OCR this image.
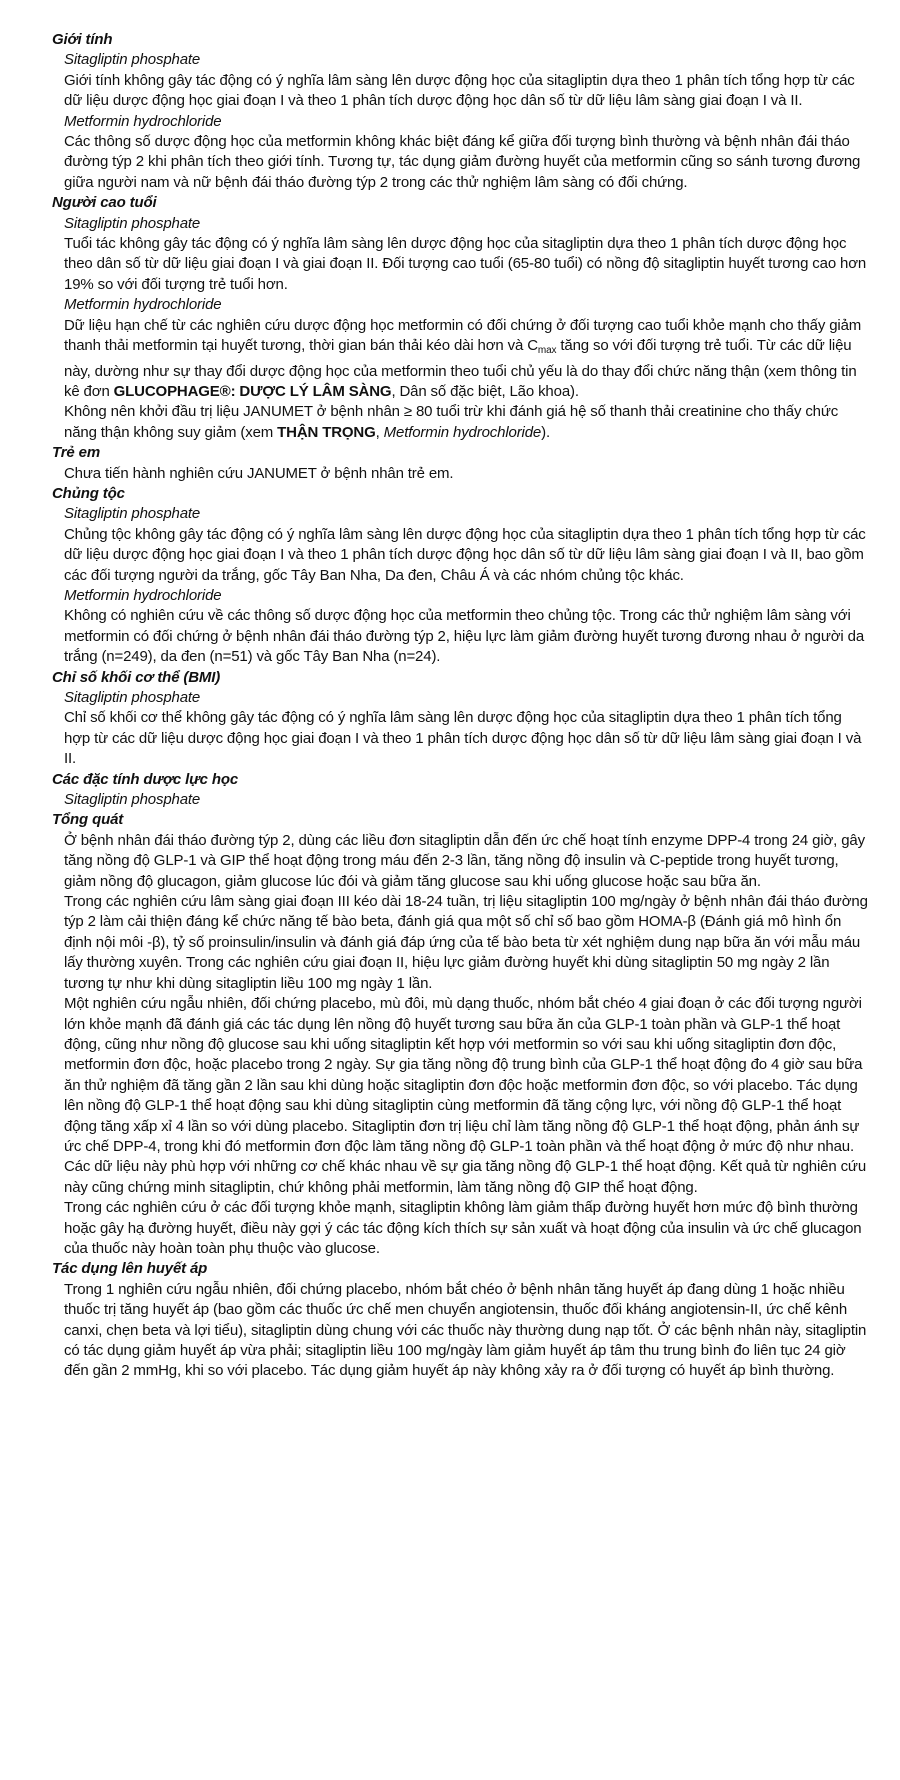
Giới tính
Sitagliptin phosphate

Giới tính không gây tác động có ý nghĩa lâm sàng lên dược động học của sitagliptin dựa theo 1 phân tích tổng hợp từ các dữ liệu dược động học giai đoạn I và theo 1 phân tích dược động học dân số từ dữ liệu lâm sàng giai đoạn I và II.

Metformin hydrochloride

Các thông số dược động học của metformin không khác biệt đáng kể giữa đối tượng bình thường và bệnh nhân đái tháo đường týp 2 khi phân tích theo giới tính. Tương tự, tác dụng giảm đường huyết của metformin cũng so sánh tương đương giữa người nam và nữ bệnh đái tháo đường týp 2 trong các thử nghiệm lâm sàng có đối chứng.

Người cao tuổi
Sitagliptin phosphate

Tuổi tác không gây tác động có ý nghĩa lâm sàng lên dược động học của sitagliptin dựa theo 1 phân tích dược động học theo dân số từ dữ liệu giai đoạn I và giai đoạn II. Đối tượng cao tuổi (65-80 tuổi) có nồng độ sitagliptin huyết tương cao hơn 19% so với đối tượng trẻ tuổi hơn.

Metformin hydrochloride

Dữ liệu hạn chế từ các nghiên cứu dược động học metformin có đối chứng ở đối tượng cao tuổi khỏe mạnh cho thấy giảm thanh thải metformin tại huyết tương, thời gian bán thải kéo dài hơn và $C_{max}$ tăng so với đối tượng trẻ tuổi. Từ các dữ liệu này, dường như sự thay đổi dược động học của metformin theo tuổi chủ yếu là do thay đổi chức năng thận (xem thông tin kê đơn GLUCOPHAGE®: DƯỢC LÝ LÂM SÀNG, Dân số đặc biệt, Lão khoa).

Không nên khởi đầu trị liệu JANUMET ở bệnh nhân ≥ 80 tuổi trừ khi đánh giá hệ số thanh thải creatinine cho thấy chức năng thận không suy giảm (xem THẬN TRỌNG, Metformin hydrochloride).

Trẻ em

Chưa tiến hành nghiên cứu JANUMET ở bệnh nhân trẻ em.

Chủng tộc
Sitagliptin phosphate

Chủng tộc không gây tác động có ý nghĩa lâm sàng lên dược động học của sitagliptin dựa theo 1 phân tích tổng hợp từ các dữ liệu dược động học giai đoạn I và theo 1 phân tích dược động học dân số từ dữ liệu lâm sàng giai đoạn I và II, bao gồm các đối tượng người da trắng, gốc Tây Ban Nha, Da đen, Châu Á và các nhóm chủng tộc khác.

Metformin hydrochloride

Không có nghiên cứu về các thông số dược động học của metformin theo chủng tộc. Trong các thử nghiệm lâm sàng với metformin có đối chứng ở bệnh nhân đái tháo đường týp 2, hiệu lực làm giảm đường huyết tương đương nhau ở người da trắng (n=249), da đen (n=51) và gốc Tây Ban Nha (n=24).

Chỉ số khối cơ thể (BMI)
Sitagliptin phosphate

Chỉ số khối cơ thể không gây tác động có ý nghĩa lâm sàng lên dược động học của sitagliptin dựa theo 1 phân tích tổng hợp từ các dữ liệu dược động học giai đoạn I và theo 1 phân tích dược động học dân số từ dữ liệu lâm sàng giai đoạn I và II.

Các đặc tính dược lực học
Sitagliptin phosphate
Tổng quát

Ở bệnh nhân đái tháo đường týp 2, dùng các liều đơn sitagliptin dẫn đến ức chế hoạt tính enzyme DPP-4 trong 24 giờ, gây tăng nồng độ GLP-1 và GIP thể hoạt động trong máu đến 2-3 lần, tăng nồng độ insulin và C-peptide trong huyết tương, giảm nồng độ glucagon, giảm glucose lúc đói và giảm tăng glucose sau khi uống glucose hoặc sau bữa ăn.

Trong các nghiên cứu lâm sàng giai đoạn III kéo dài 18-24 tuần, trị liệu sitagliptin 100 mg/ngày ở bệnh nhân đái tháo đường týp 2 làm cải thiện đáng kể chức năng tế bào beta, đánh giá qua một số chỉ số bao gồm HOMA-β (Đánh giá mô hình ổn định nội môi -β), tỷ số proinsulin/insulin và đánh giá đáp ứng của tế bào beta từ xét nghiệm dung nạp bữa ăn với mẫu máu lấy thường xuyên. Trong các nghiên cứu giai đoạn II, hiệu lực giảm đường huyết khi dùng sitagliptin 50 mg ngày 2 lần tương tự như khi dùng sitagliptin liều 100 mg ngày 1 lần.

Một nghiên cứu ngẫu nhiên, đối chứng placebo, mù đôi, mù dạng thuốc, nhóm bắt chéo 4 giai đoạn ở các đối tượng người lớn khỏe mạnh đã đánh giá các tác dụng lên nồng độ huyết tương sau bữa ăn của GLP-1 toàn phần và GLP-1 thể hoạt động, cũng như nồng độ glucose sau khi uống sitagliptin kết hợp với metformin so với sau khi uống sitagliptin đơn độc, metformin đơn độc, hoặc placebo trong 2 ngày. Sự gia tăng nồng độ trung bình của GLP-1 thể hoạt động đo 4 giờ sau bữa ăn thử nghiệm đã tăng gần 2 lần sau khi dùng hoặc sitagliptin đơn độc hoặc metformin đơn độc, so với placebo. Tác dụng lên nồng độ GLP-1 thể hoạt động sau khi dùng sitagliptin cùng metformin đã tăng cộng lực, với nồng độ GLP-1 thể hoạt động tăng xấp xỉ 4 lần so với dùng placebo. Sitagliptin đơn trị liệu chỉ làm tăng nồng độ GLP-1 thể hoạt động, phản ánh sự ức chế DPP-4, trong khi đó metformin đơn độc làm tăng nồng độ GLP-1 toàn phần và thể hoạt động ở mức độ như nhau. Các dữ liệu này phù hợp với những cơ chế khác nhau về sự gia tăng nồng độ GLP-1 thể hoạt động. Kết quả từ nghiên cứu này cũng chứng minh sitagliptin, chứ không phải metformin, làm tăng nồng độ GIP thể hoạt động.

Trong các nghiên cứu ở các đối tượng khỏe mạnh, sitagliptin không làm giảm thấp đường huyết hơn mức độ bình thường hoặc gây hạ đường huyết, điều này gợi ý các tác động kích thích sự sản xuất và hoạt động của insulin và ức chế glucagon của thuốc này hoàn toàn phụ thuộc vào glucose.

Tác dụng lên huyết áp

Trong 1 nghiên cứu ngẫu nhiên, đối chứng placebo, nhóm bắt chéo ở bệnh nhân tăng huyết áp đang dùng 1 hoặc nhiều thuốc trị tăng huyết áp (bao gồm các thuốc ức chế men chuyển angiotensin, thuốc đối kháng angiotensin-II, ức chế kênh canxi, chẹn beta và lợi tiểu), sitagliptin dùng chung với các thuốc này thường dung nạp tốt. Ở các bệnh nhân này, sitagliptin có tác dụng giảm huyết áp vừa phải; sitagliptin liều 100 mg/ngày làm giảm huyết áp tâm thu trung bình đo liên tục 24 giờ đến gần 2 mmHg, khi so với placebo. Tác dụng giảm huyết áp này không xảy ra ở đối tượng có huyết áp bình thường.
